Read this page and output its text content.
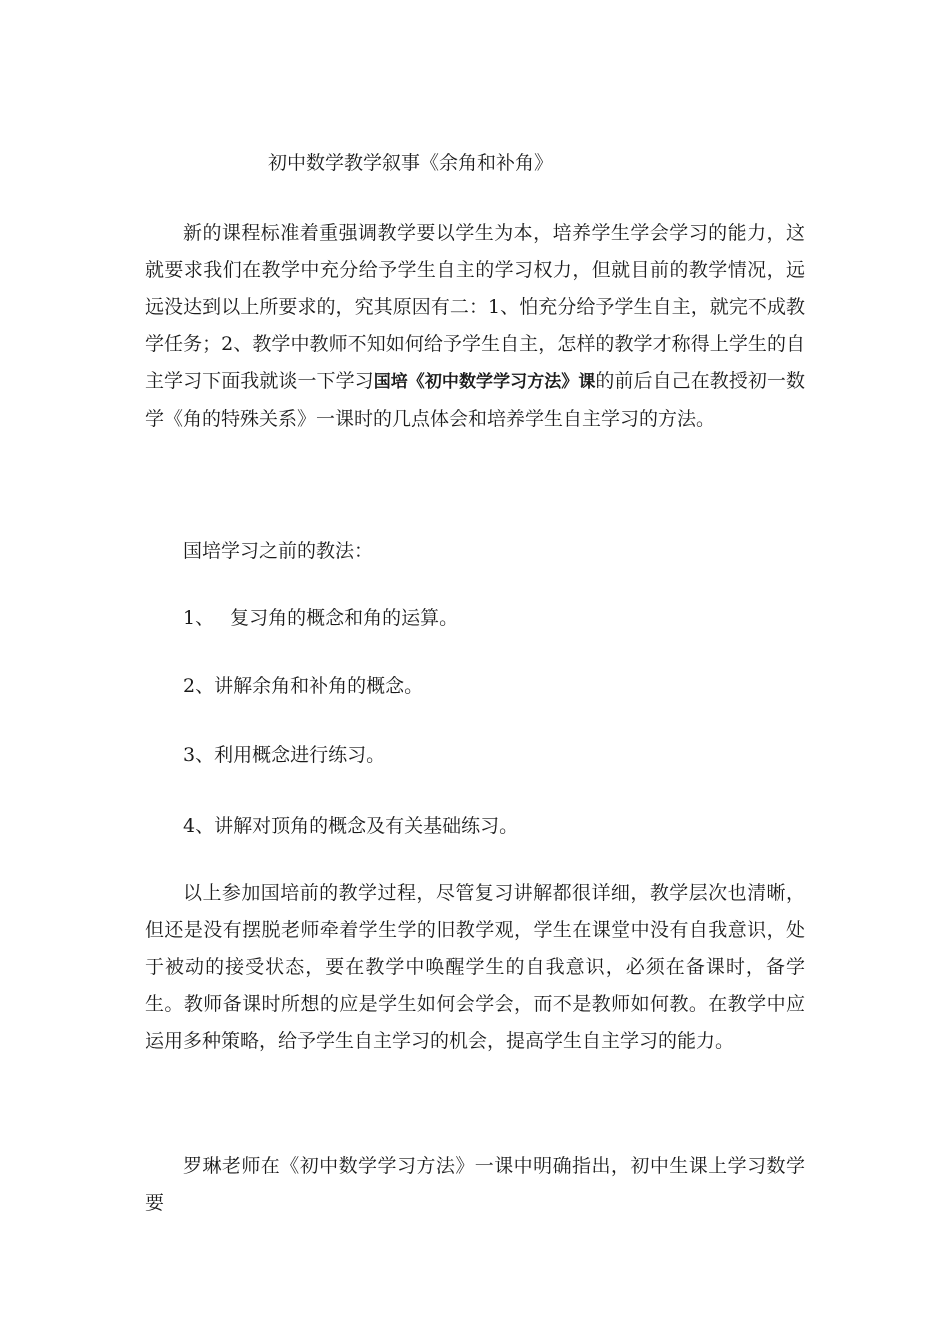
初中数学教学叙事《余角和补角》

新的课程标准着重强调教学要以学生为本，培养学生学会学习的能力，这就要求我们在教学中充分给予学生自主的学习权力，但就目前的教学情况，远远没达到以上所要求的，究其原因有二：1、怕充分给予学生自主，就完不成教学任务；2、教学中教师不知如何给予学生自主，怎样的教学才称得上学生的自主学习下面我就谈一下学习国培《初中数学学习方法》课的前后自己在教授初一数学《角的特殊关系》一课时的几点体会和培养学生自主学习的方法。

国培学习之前的教法：

1、 复习角的概念和角的运算。

2、讲解余角和补角的概念。

3、利用概念进行练习。

4、讲解对顶角的概念及有关基础练习。

以上参加国培前的教学过程，尽管复习讲解都很详细，教学层次也清晰，但还是没有摆脱老师牵着学生学的旧教学观，学生在课堂中没有自我意识，处于被动的接受状态，要在教学中唤醒学生的自我意识，必须在备课时，备学生。教师备课时所想的应是学生如何会学会，而不是教师如何教。在教学中应运用多种策略，给予学生自主学习的机会，提高学生自主学习的能力。

罗琳老师在《初中数学学习方法》一课中明确指出，初中生课上学习数学要
